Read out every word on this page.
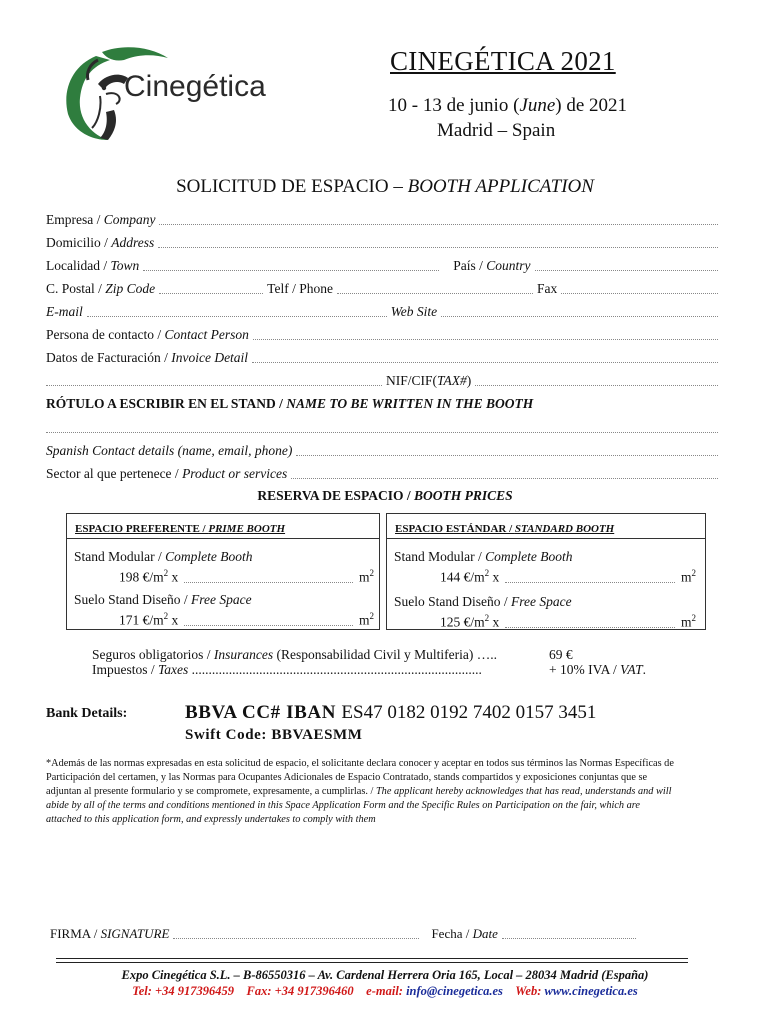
Cinegética
CINEGÉTICA 2021
10 - 13 de junio (June) de 2021
Madrid – Spain
SOLICITUD DE ESPACIO – BOOTH APPLICATION
Empresa / Company
Domicilio / Address
Localidad / Town	País / Country
C. Postal / Zip Code	Telf / Phone	Fax
E-mail	Web Site
Persona de contacto / Contact Person
Datos de Facturación / Invoice Detail
NIF/CIF(TAX#)
RÓTULO A ESCRIBIR EN EL STAND / NAME TO BE WRITTEN IN THE BOOTH
Spanish Contact details (name, email, phone)
Sector al que pertenece / Product or services
RESERVA DE ESPACIO / BOOTH PRICES
ESPACIO PREFERENTE / PRIME BOOTH
Stand Modular / Complete Booth
198 $€/m^2$ x	$m^2$
Suelo Stand Diseño / Free Space
171 $€/m^2$ x	$m^2$
ESPACIO ESTÁNDAR / STANDARD BOOTH
Stand Modular / Complete Booth
144 $€/m^2$ x	$m^2$
Suelo Stand Diseño / Free Space
125 $€/m^2$ x	$m^2$
Seguros obligatorios / Insurances (Responsabilidad Civil y Multiferia) …..	69 €
Impuestos / Taxes ......................................................................................	+ 10% IVA / VAT.
Bank Details:	BBVA CC# IBAN ES47 0182 0192 7402 0157 3451
Swift Code: BBVAESMM
*Además de las normas expresadas en esta solicitud de espacio, el solicitante declara conocer y aceptar en todos sus términos las Normas Específicas de Participación del certamen, y las Normas para Ocupantes Adicionales de Espacio Contratado, stands compartidos y exposiciones conjuntas que se adjuntan al presente formulario y se compromete, expresamente, a cumplirlas. / The applicant hereby acknowledges that has read, understands and will abide by all of the terms and conditions mentioned in this Space Application Form and the Specific Rules on Participation on the fair, which are attached to this application form, and expressly undertakes to comply with them
FIRMA / SIGNATURE	Fecha / Date
Expo Cinegética S.L. – B-86550316 – Av. Cardenal Herrera Oria 165, Local – 28034 Madrid (España)
Tel: +34 917396459 Fax: +34 917396460 e-mail: info@cinegetica.es Web: www.cinegetica.es
